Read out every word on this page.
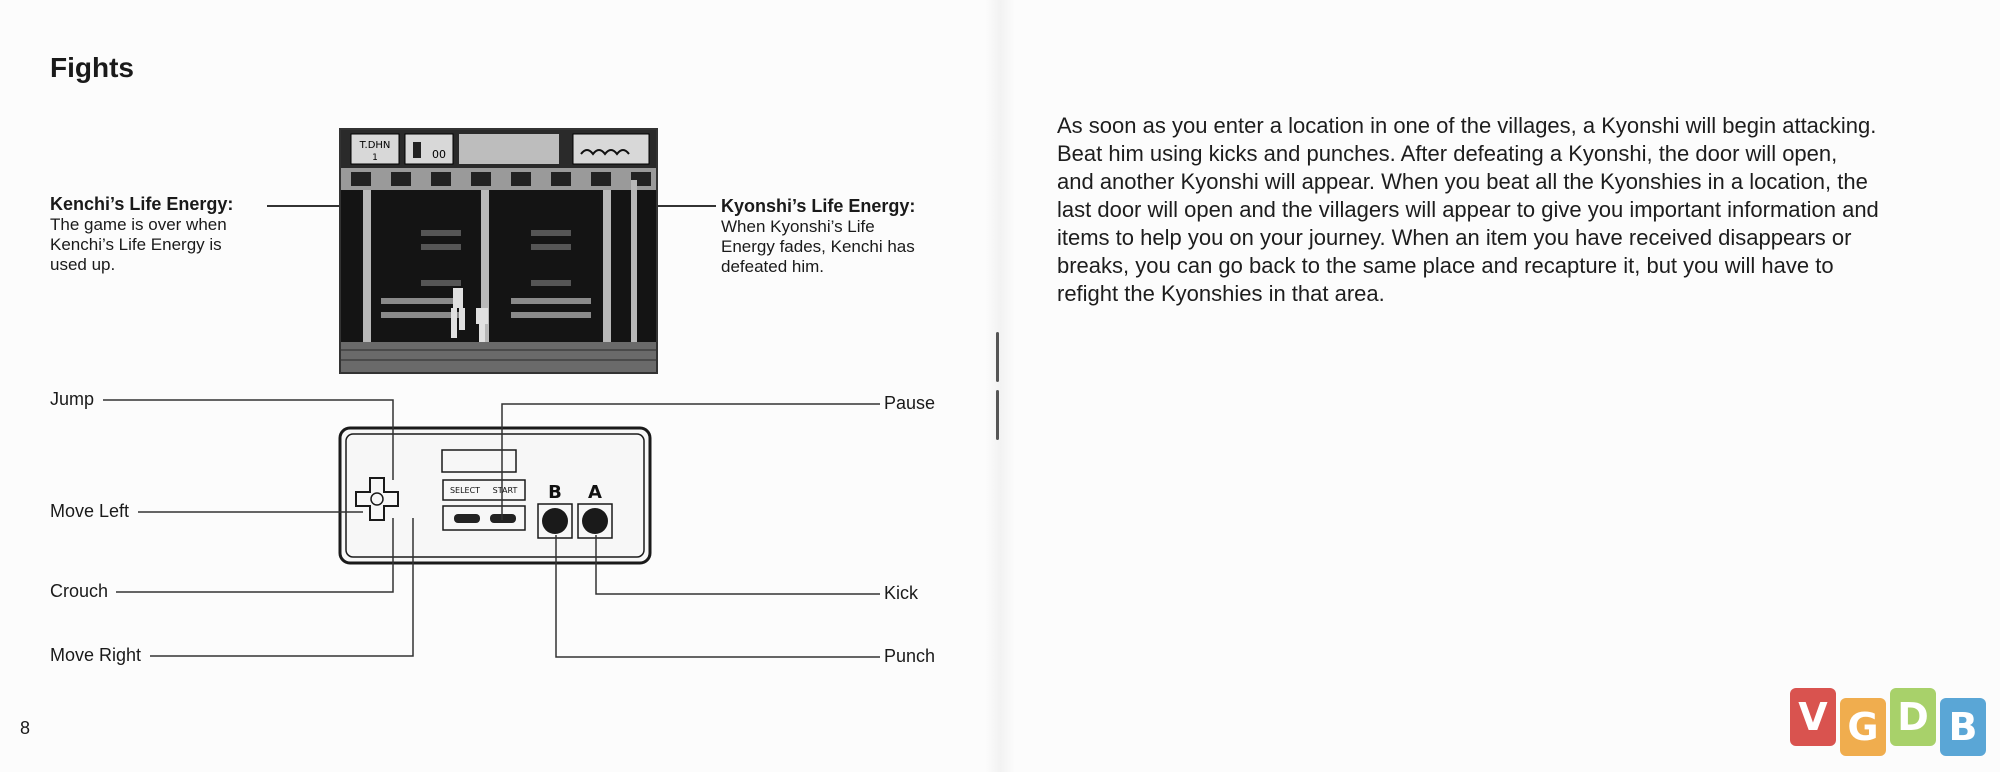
Fights
Kenchi’s Life Energy:
The game is over when
Kenchi’s Life Energy is
used up.
Kyonshi’s Life Energy:
When Kyonshi’s Life
Energy fades, Kenchi has
defeated him.
T.DHN
1	00
SELECT START B A
Jump
Move Left
Crouch
Move Right
Pause
Kick
Punch
8
As soon as you enter a location in one of the villages, a Kyonshi will begin attacking.
Beat him using kicks and punches. After defeating a Kyonshi, the door will open,
and another Kyonshi will appear. When you beat all the Kyonshies in a location, the
last door will open and the villagers will appear to give you important information and
items to help you on your journey. When an item you have received disappears or
breaks, you can go back to the same place and recapture it, but you will have to
refight the Kyonshies in that area.
V G D B
